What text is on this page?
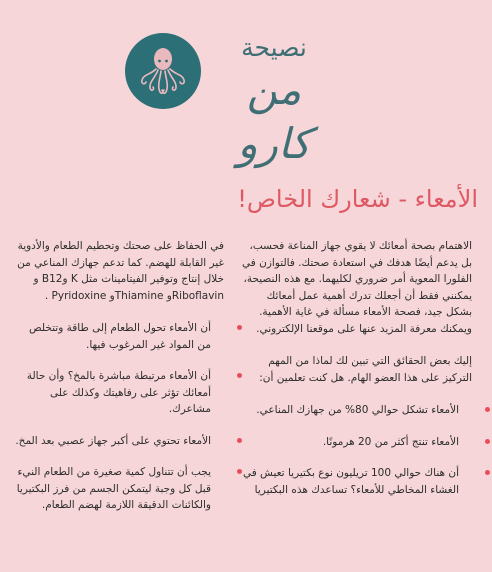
نصيحة
من كارو
الأمعاء - شعارك الخاص!

الاهتمام بصحة أمعائك لا يقوي جهاز المناعة فحسب، بل يدعم أيضًا هدفك في استعادة صحتك. فالتوازن في الفلورا المعوية أمر ضروري لكليهما. مع هذه النصيحة، يمكنني فقط أن أجعلك تدرك أهمية عمل أمعائك بشكل جيد، فصحة الأمعاء مسألة في غاية الأهمية. ويمكنك معرفة المزيد عنها على موقعنا الإلكتروني.

إليك بعض الحقائق التي تبين لك لماذا من المهم التركيز على هذا العضو الهام. هل كنت تعلمين أن:

الأمعاء تشكل حوالي 80% من جهازك المناعي.
الأمعاء تنتج أكثر من 20 هرمونًا.
أن هناك حوالي 100 تريليون نوع بكتيريا تعيش في الغشاء المخاطي للأمعاء؟ تساعدك هذه البكتيريا

في الحفاظ على صحتك وتحطيم الطعام والأدوية غير القابلة للهضم. كما تدعم جهازك المناعي من خلال إنتاج وتوفير الفيتامينات مثل K وB12 و Riboflavinو Thiamineو Pyridoxine .

أن الأمعاء تحول الطعام إلى طاقة وتتخلص من المواد غير المرغوب فيها.
أن الأمعاء مرتبطة مباشرة بالمخ؟ وأن حالة أمعائك تؤثر على رفاهيتك وكذلك على مشاعرك.
الأمعاء تحتوي على أكبر جهاز عصبي بعد المخ.
يجب أن تتناول كمية صغيرة من الطعام النيء قبل كل وجبة ليتمكن الجسم من فرز البكتيريا والكائنات الدقيقة اللازمة لهضم الطعام.
